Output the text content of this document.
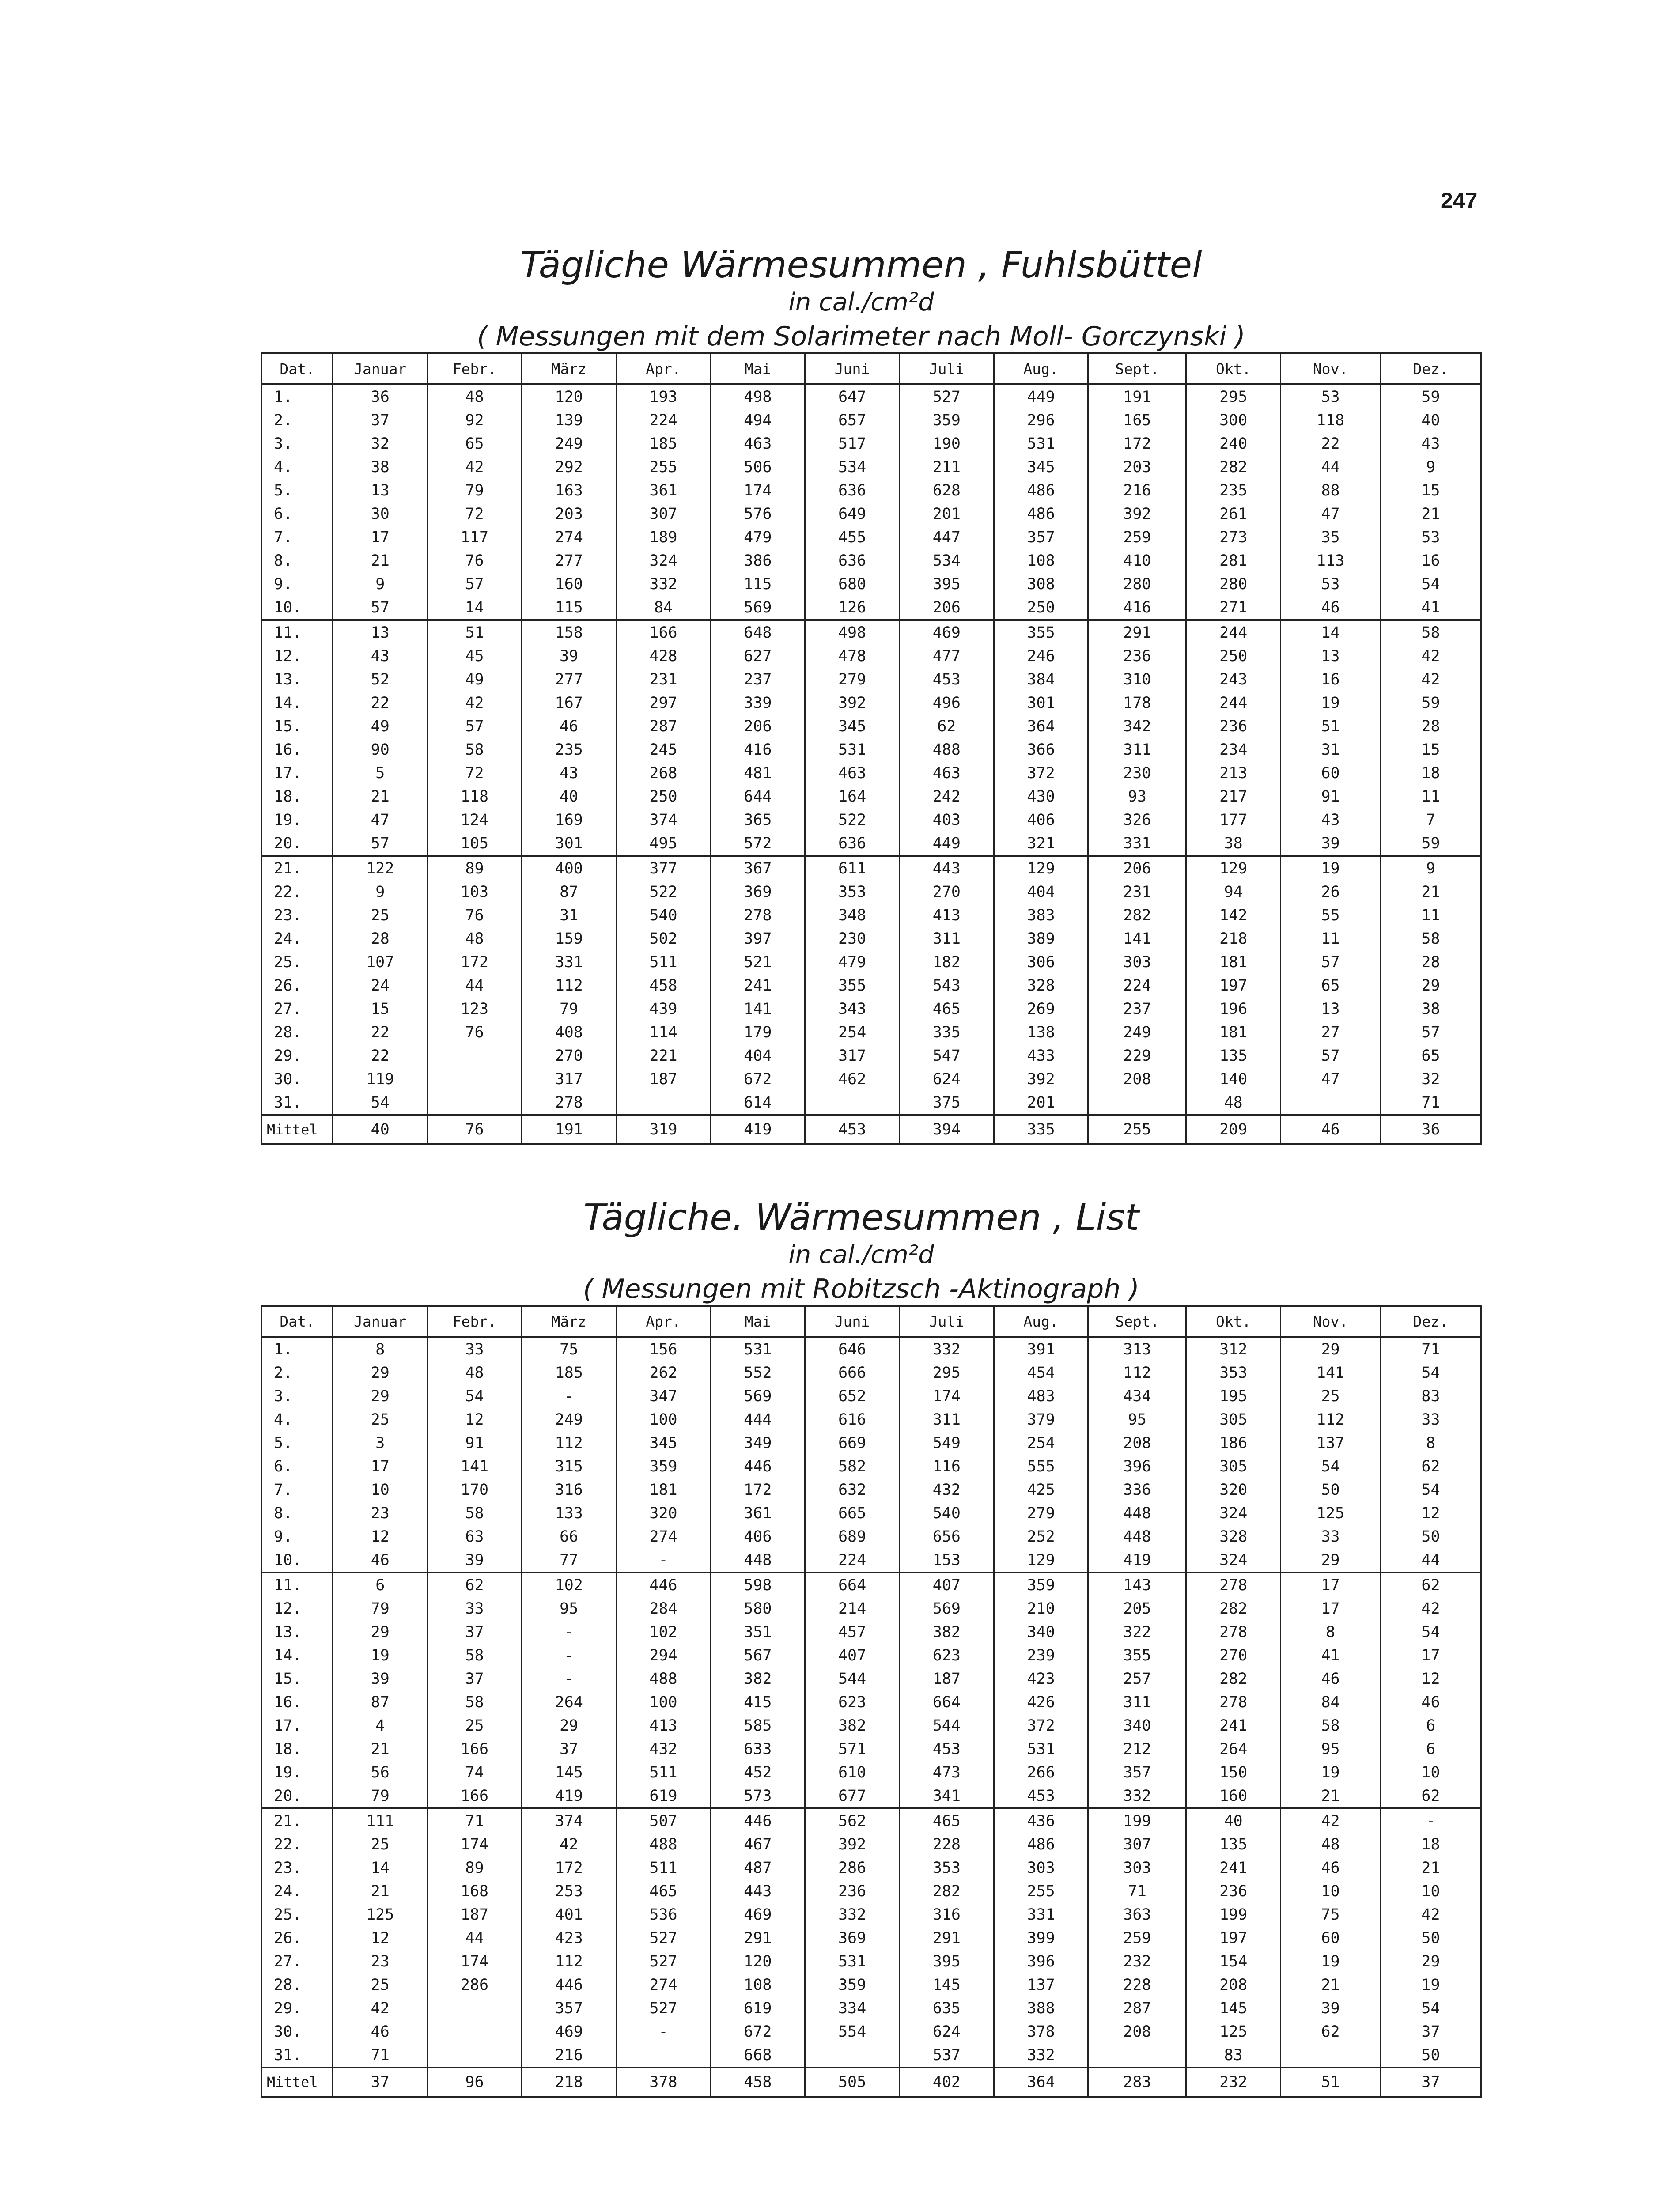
247
Tägliche Wärmesummen , Fuhlsbüttel
in cal./cm²d
( Messungen mit dem Solarimeter nach Moll- Gorczynski )
Dat.	Januar	Febr.	März	Apr.	Mai	Juni	Juli	Aug.	Sept.	Okt.	Nov.	Dez.
1.	36	48	120	193	498	647	527	449	191	295	53	59
2.	37	92	139	224	494	657	359	296	165	300	118	40
3.	32	65	249	185	463	517	190	531	172	240	22	43
4.	38	42	292	255	506	534	211	345	203	282	44	9
5.	13	79	163	361	174	636	628	486	216	235	88	15
6.	30	72	203	307	576	649	201	486	392	261	47	21
7.	17	117	274	189	479	455	447	357	259	273	35	53
8.	21	76	277	324	386	636	534	108	410	281	113	16
9.	9	57	160	332	115	680	395	308	280	280	53	54
10.	57	14	115	84	569	126	206	250	416	271	46	41
11.	13	51	158	166	648	498	469	355	291	244	14	58
12.	43	45	39	428	627	478	477	246	236	250	13	42
13.	52	49	277	231	237	279	453	384	310	243	16	42
14.	22	42	167	297	339	392	496	301	178	244	19	59
15.	49	57	46	287	206	345	62	364	342	236	51	28
16.	90	58	235	245	416	531	488	366	311	234	31	15
17.	5	72	43	268	481	463	463	372	230	213	60	18
18.	21	118	40	250	644	164	242	430	93	217	91	11
19.	47	124	169	374	365	522	403	406	326	177	43	7
20.	57	105	301	495	572	636	449	321	331	38	39	59
21.	122	89	400	377	367	611	443	129	206	129	19	9
22.	9	103	87	522	369	353	270	404	231	94	26	21
23.	25	76	31	540	278	348	413	383	282	142	55	11
24.	28	48	159	502	397	230	311	389	141	218	11	58
25.	107	172	331	511	521	479	182	306	303	181	57	28
26.	24	44	112	458	241	355	543	328	224	197	65	29
27.	15	123	79	439	141	343	465	269	237	196	13	38
28.	22	76	408	114	179	254	335	138	249	181	27	57
29.	22		270	221	404	317	547	433	229	135	57	65
30.	119		317	187	672	462	624	392	208	140	47	32
31.	54		278		614		375	201		48		71
Mittel	40	76	191	319	419	453	394	335	255	209	46	36
Tägliche. Wärmesummen , List
in cal./cm²d
( Messungen mit Robitzsch -Aktinograph )
Dat.	Januar	Febr.	März	Apr.	Mai	Juni	Juli	Aug.	Sept.	Okt.	Nov.	Dez.
1.	8	33	75	156	531	646	332	391	313	312	29	71
2.	29	48	185	262	552	666	295	454	112	353	141	54
3.	29	54	-	347	569	652	174	483	434	195	25	83
4.	25	12	249	100	444	616	311	379	95	305	112	33
5.	3	91	112	345	349	669	549	254	208	186	137	8
6.	17	141	315	359	446	582	116	555	396	305	54	62
7.	10	170	316	181	172	632	432	425	336	320	50	54
8.	23	58	133	320	361	665	540	279	448	324	125	12
9.	12	63	66	274	406	689	656	252	448	328	33	50
10.	46	39	77	-	448	224	153	129	419	324	29	44
11.	6	62	102	446	598	664	407	359	143	278	17	62
12.	79	33	95	284	580	214	569	210	205	282	17	42
13.	29	37	-	102	351	457	382	340	322	278	8	54
14.	19	58	-	294	567	407	623	239	355	270	41	17
15.	39	37	-	488	382	544	187	423	257	282	46	12
16.	87	58	264	100	415	623	664	426	311	278	84	46
17.	4	25	29	413	585	382	544	372	340	241	58	6
18.	21	166	37	432	633	571	453	531	212	264	95	6
19.	56	74	145	511	452	610	473	266	357	150	19	10
20.	79	166	419	619	573	677	341	453	332	160	21	62
21.	111	71	374	507	446	562	465	436	199	40	42	-
22.	25	174	42	488	467	392	228	486	307	135	48	18
23.	14	89	172	511	487	286	353	303	303	241	46	21
24.	21	168	253	465	443	236	282	255	71	236	10	10
25.	125	187	401	536	469	332	316	331	363	199	75	42
26.	12	44	423	527	291	369	291	399	259	197	60	50
27.	23	174	112	527	120	531	395	396	232	154	19	29
28.	25	286	446	274	108	359	145	137	228	208	21	19
29.	42		357	527	619	334	635	388	287	145	39	54
30.	46		469	-	672	554	624	378	208	125	62	37
31.	71		216		668		537	332		83		50
Mittel	37	96	218	378	458	505	402	364	283	232	51	37
